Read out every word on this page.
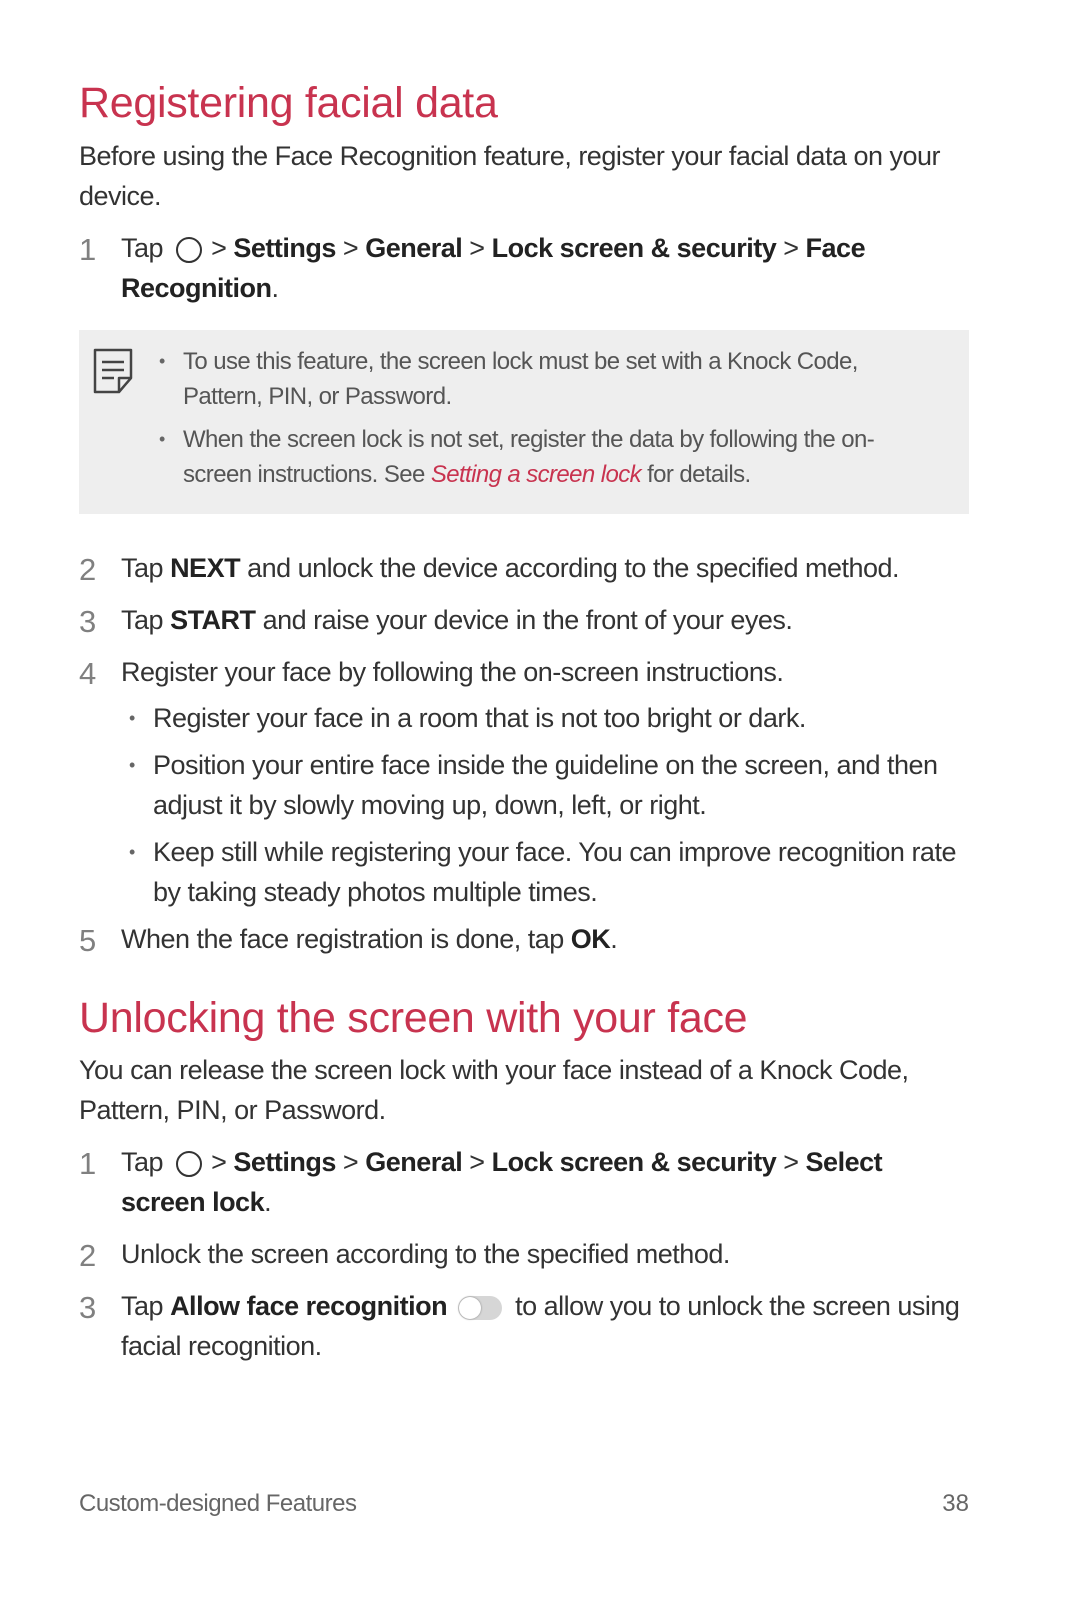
Registering facial data

Before using the Face Recognition feature, register your facial data on your device.

1 Tap > Settings > General > Lock screen & security > Face Recognition.
• To use this feature, the screen lock must be set with a Knock Code, Pattern, PIN, or Password.
• When the screen lock is not set, register the data by following the on-screen instructions. See Setting a screen lock for details.
2 Tap NEXT and unlock the device according to the specified method.
3 Tap START and raise your device in the front of your eyes.
4 Register your face by following the on-screen instructions.
• Register your face in a room that is not too bright or dark.
• Position your entire face inside the guideline on the screen, and then adjust it by slowly moving up, down, left, or right.
• Keep still while registering your face. You can improve recognition rate by taking steady photos multiple times.
5 When the face registration is done, tap OK.
Unlocking the screen with your face

You can release the screen lock with your face instead of a Knock Code, Pattern, PIN, or Password.

1 Tap > Settings > General > Lock screen & security > Select screen lock.
2 Unlock the screen according to the specified method.
3 Tap Allow face recognition	to allow you to unlock the screen using facial recognition.
Custom-designed Features	38
